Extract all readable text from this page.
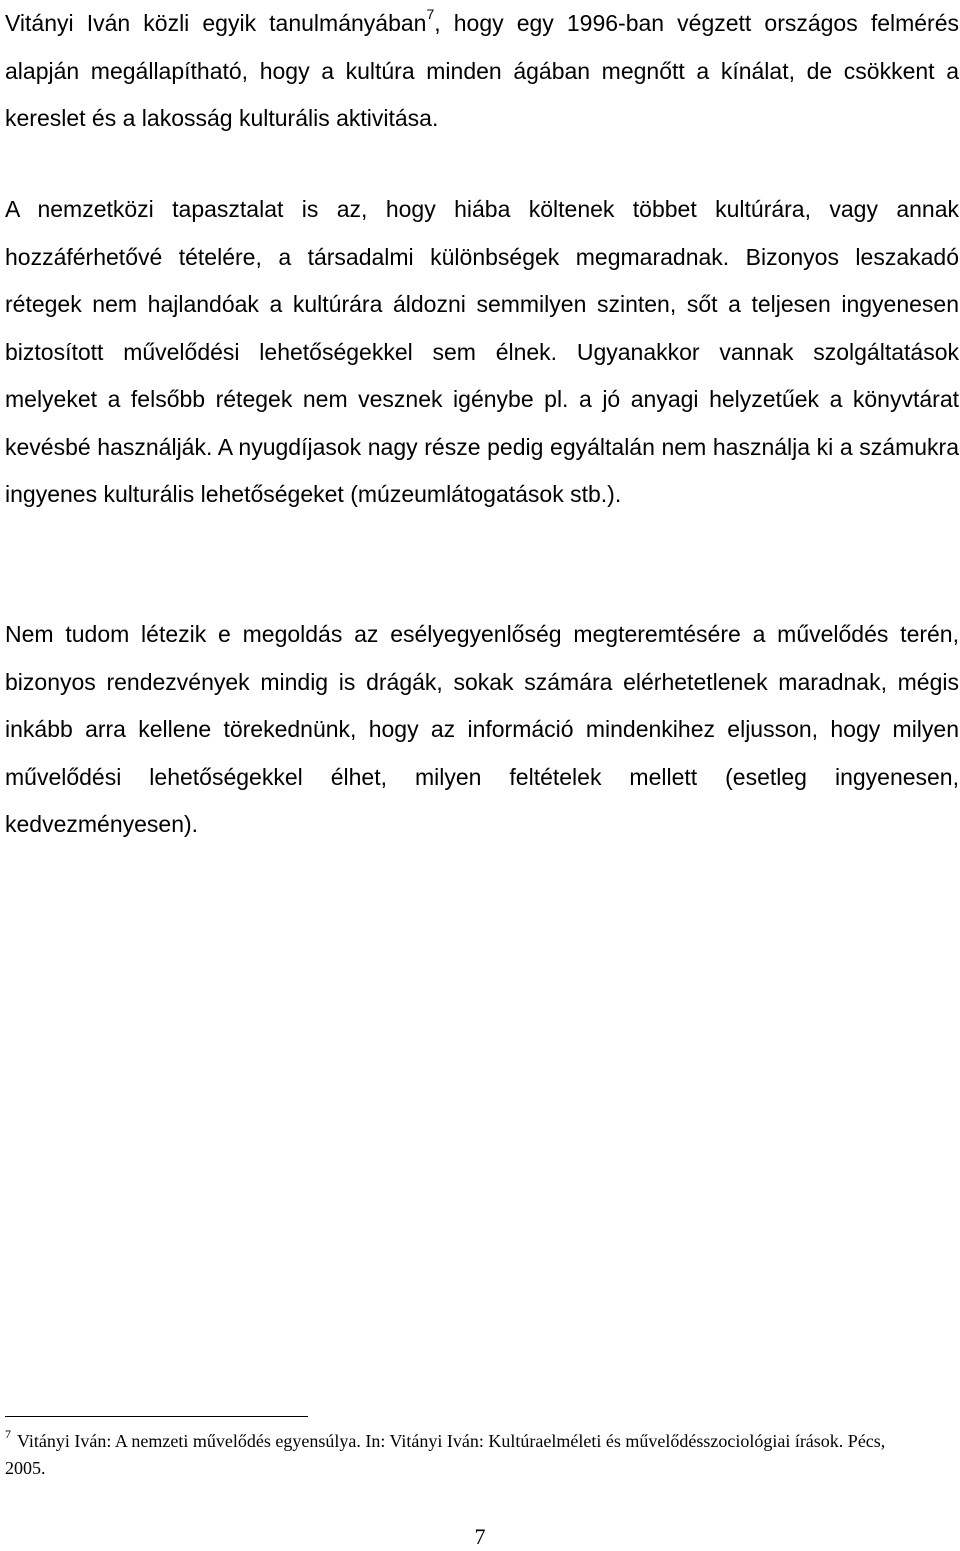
Vitányi Iván közli egyik tanulmányában$^7$, hogy egy 1996-ban végzett országos felmérés alapján megállapítható, hogy a kultúra minden ágában megnőtt a kínálat, de csökkent a kereslet és a lakosság kulturális aktivitása.

A nemzetközi tapasztalat is az, hogy hiába költenek többet kultúrára, vagy annak hozzáférhetővé tételére, a társadalmi különbségek megmaradnak. Bizonyos leszakadó rétegek nem hajlandóak a kultúrára áldozni semmilyen szinten, sőt a teljesen ingyenesen biztosított művelődési lehetőségekkel sem élnek. Ugyanakkor vannak szolgáltatások melyeket a felsőbb rétegek nem vesznek igénybe pl. a jó anyagi helyzetűek a könyvtárat kevésbé használják. A nyugdíjasok nagy része pedig egyáltalán nem használja ki a számukra ingyenes kulturális lehetőségeket (múzeumlátogatások stb.).

Nem tudom létezik e megoldás az esélyegyenlőség megteremtésére a művelődés terén, bizonyos rendezvények mindig is drágák, sokak számára elérhetetlenek maradnak, mégis inkább arra kellene törekednünk, hogy az információ mindenkihez eljusson, hogy milyen művelődési lehetőségekkel élhet, milyen feltételek mellett (esetleg ingyenesen, kedvezményesen).

$^7$ Vitányi Iván: A nemzeti művelődés egyensúlya. In: Vitányi Iván: Kultúraelméleti és művelődésszociológiai írások. Pécs, 2005.

7
